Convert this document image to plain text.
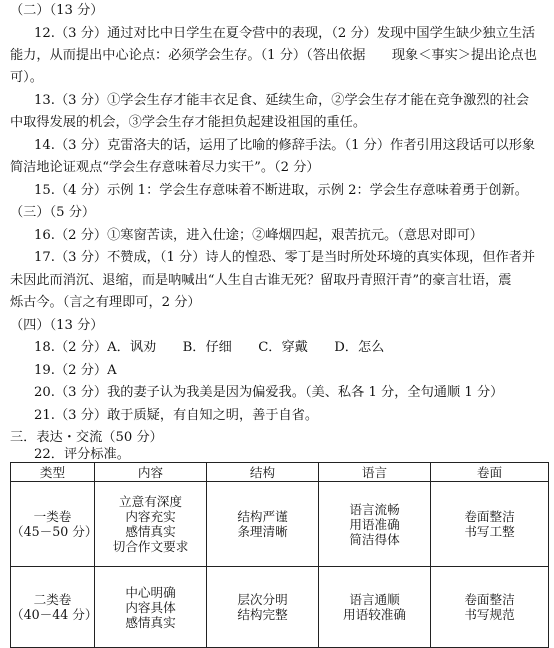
（二）（13 分）
12.（3 分）通过对比中日学生在夏令营中的表现，（2 分）发现中国学生缺少独立生活
能力，从而提出中心论点：必须学会生存。（1 分）（答出依据　　现象＜事实＞提出论点也
可）。
13.（3 分）①学会生存才能丰衣足食、延续生命，②学会生存才能在竞争激烈的社会
中取得发展的机会，③学会生存才能担负起建设祖国的重任。
14.（3 分）克雷洛夫的话，运用了比喻的修辞手法。（1 分）作者引用这段话可以形象
简洁地论证观点“学会生存意味着尽力实干”。（2 分）
15.（4 分）示例 1：学会生存意味着不断进取，示例 2：学会生存意味着勇于创新。
（三）（5 分）
16.（2 分）①寒窗苦读，进入仕途；②峰烟四起，艰苦抗元。（意思对即可）
17.（3 分）不赞成，（1 分）诗人的惶恐、零丁是当时所处环境的真实体现，但作者并
未因此而消沉、退缩，而是呐喊出“人生自古谁无死？留取丹青照汗青”的豪言壮语，震
烁古今。（言之有理即可，2 分）
（四）（13 分）
18.（2 分）A．讽劝　　B．仔细　　C．穿戴　　D．怎么
19.（2 分）A
20.（3 分）我的妻子认为我美是因为偏爱我。（美、私各 1 分，全句通顺 1 分）
21.（3 分）敢于质疑，有自知之明，善于自省。
三．表达・交流（50 分）
22．评分标准。
类型	内容	结构	语言	卷面

一类卷
（45－50 分）	立意有深度
内容充实
感情真实
切合作文要求	结构严谨
条理清晰	语言流畅
用语准确
简洁得体	卷面整洁
书写工整

二类卷
（40－44 分）	中心明确
内容具体
感情真实	层次分明
结构完整	语言通顺
用语较准确	卷面整洁
书写规范
